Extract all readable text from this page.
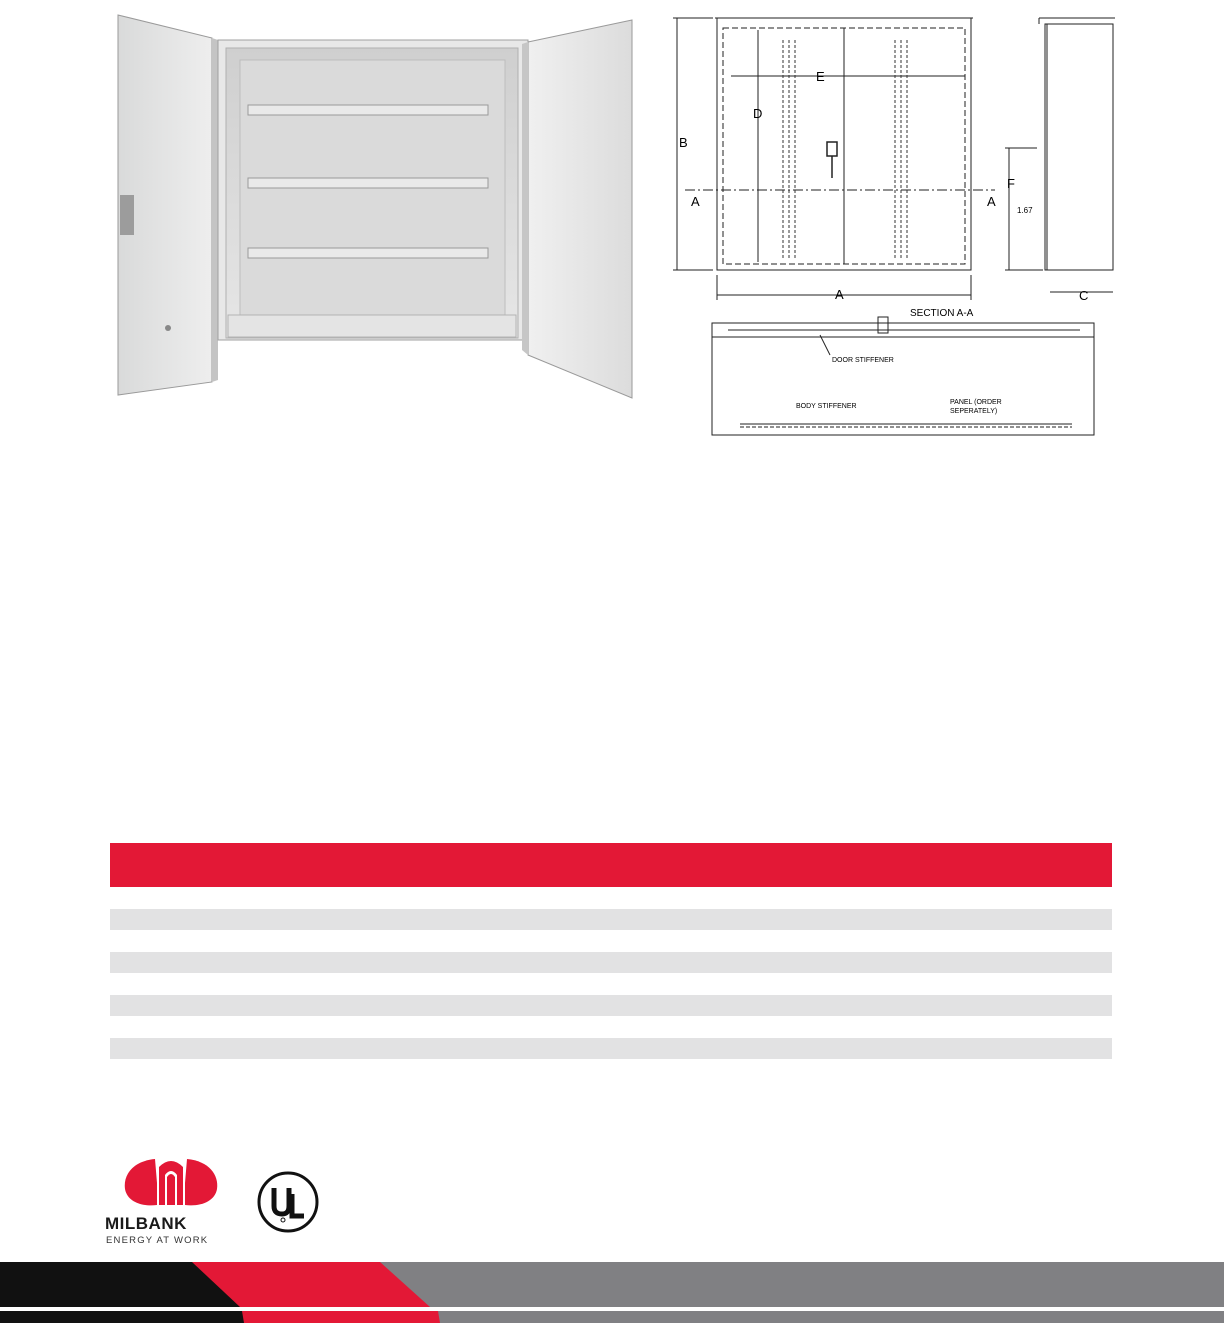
B
A	C
D
E
F
A	A
1.67
SECTION A-A
DOOR STIFFENER
BODY STIFFENER
PANEL (ORDER
SEPERATELY)
MILBANK
ENERGY AT WORK
